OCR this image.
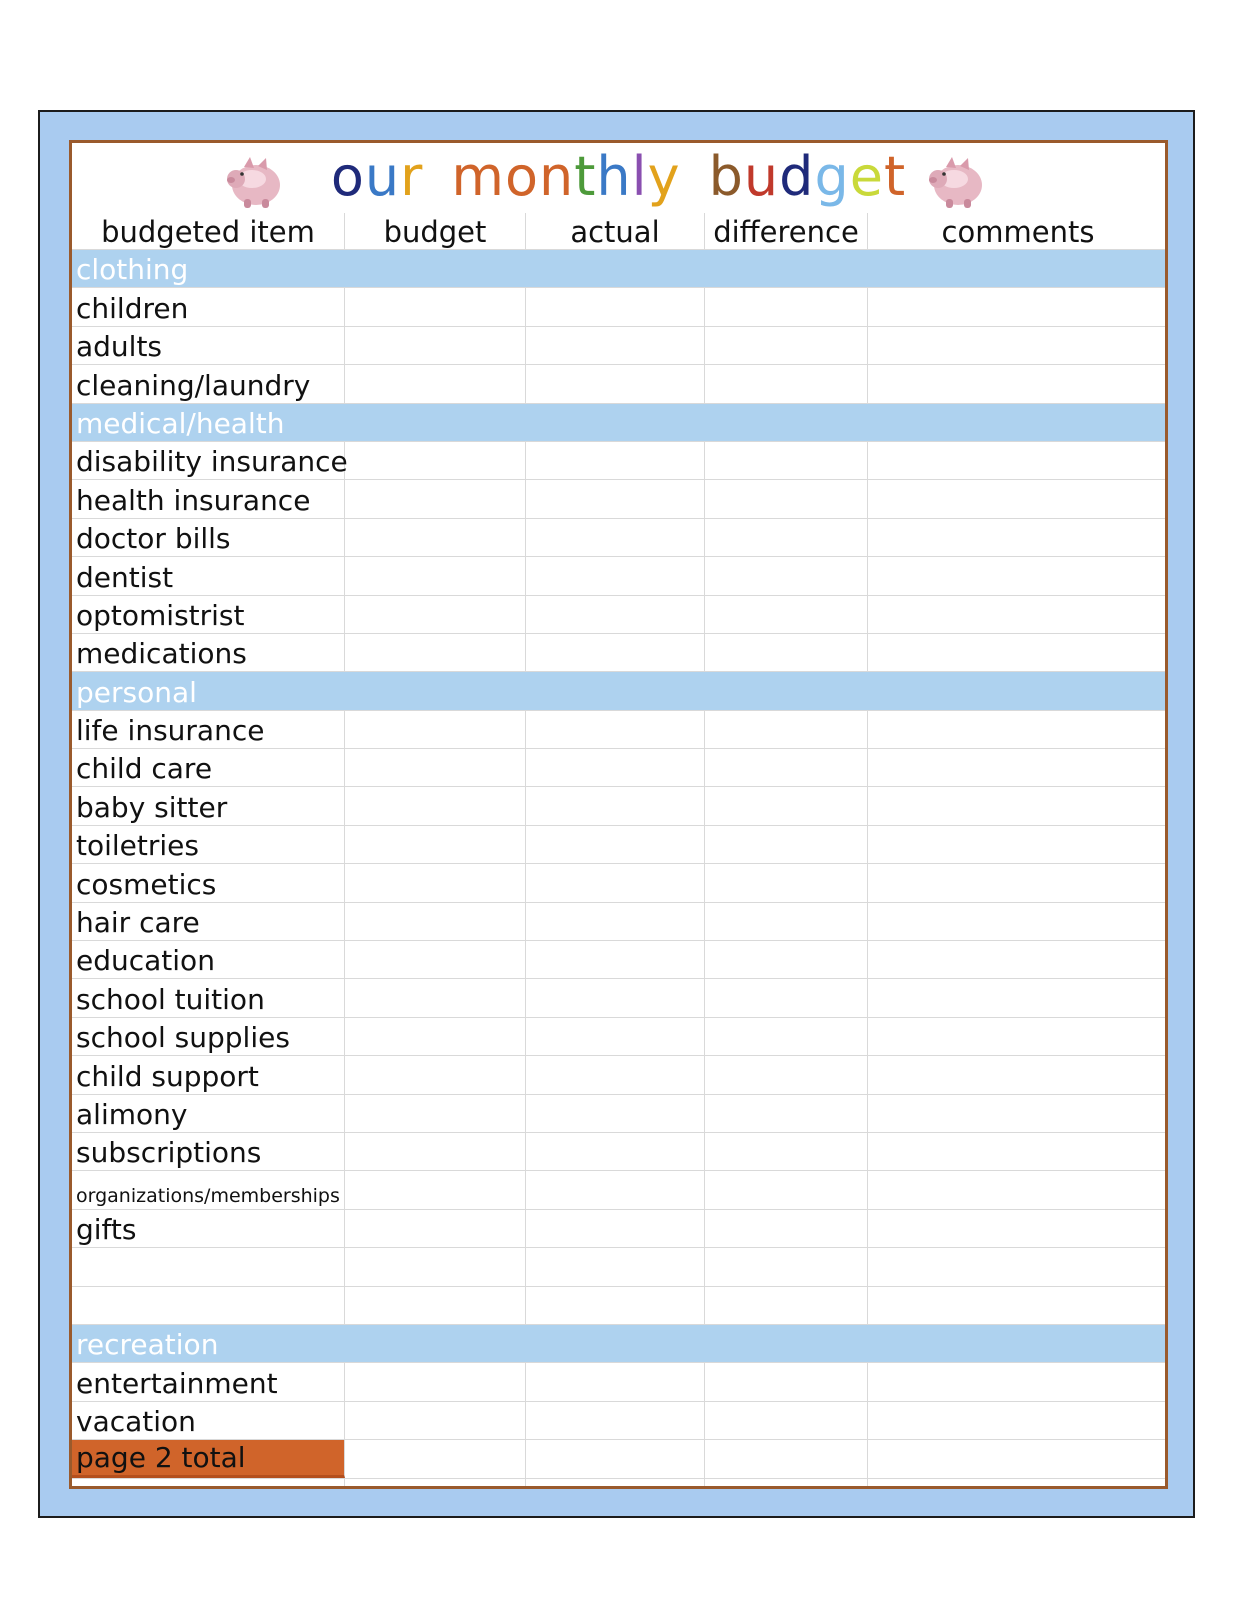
our monthly budget
budgeted item	budget	actual	difference	comments
clothing
children
adults
cleaning/laundry
medical/health
disability insurance
health insurance
doctor bills
dentist
optomistrist
medications
personal
life insurance
child care
baby sitter
toiletries
cosmetics
hair care
education
school tuition
school supplies
child support
alimony
subscriptions
organizations/memberships
gifts
recreation
entertainment
vacation
page 2 total
